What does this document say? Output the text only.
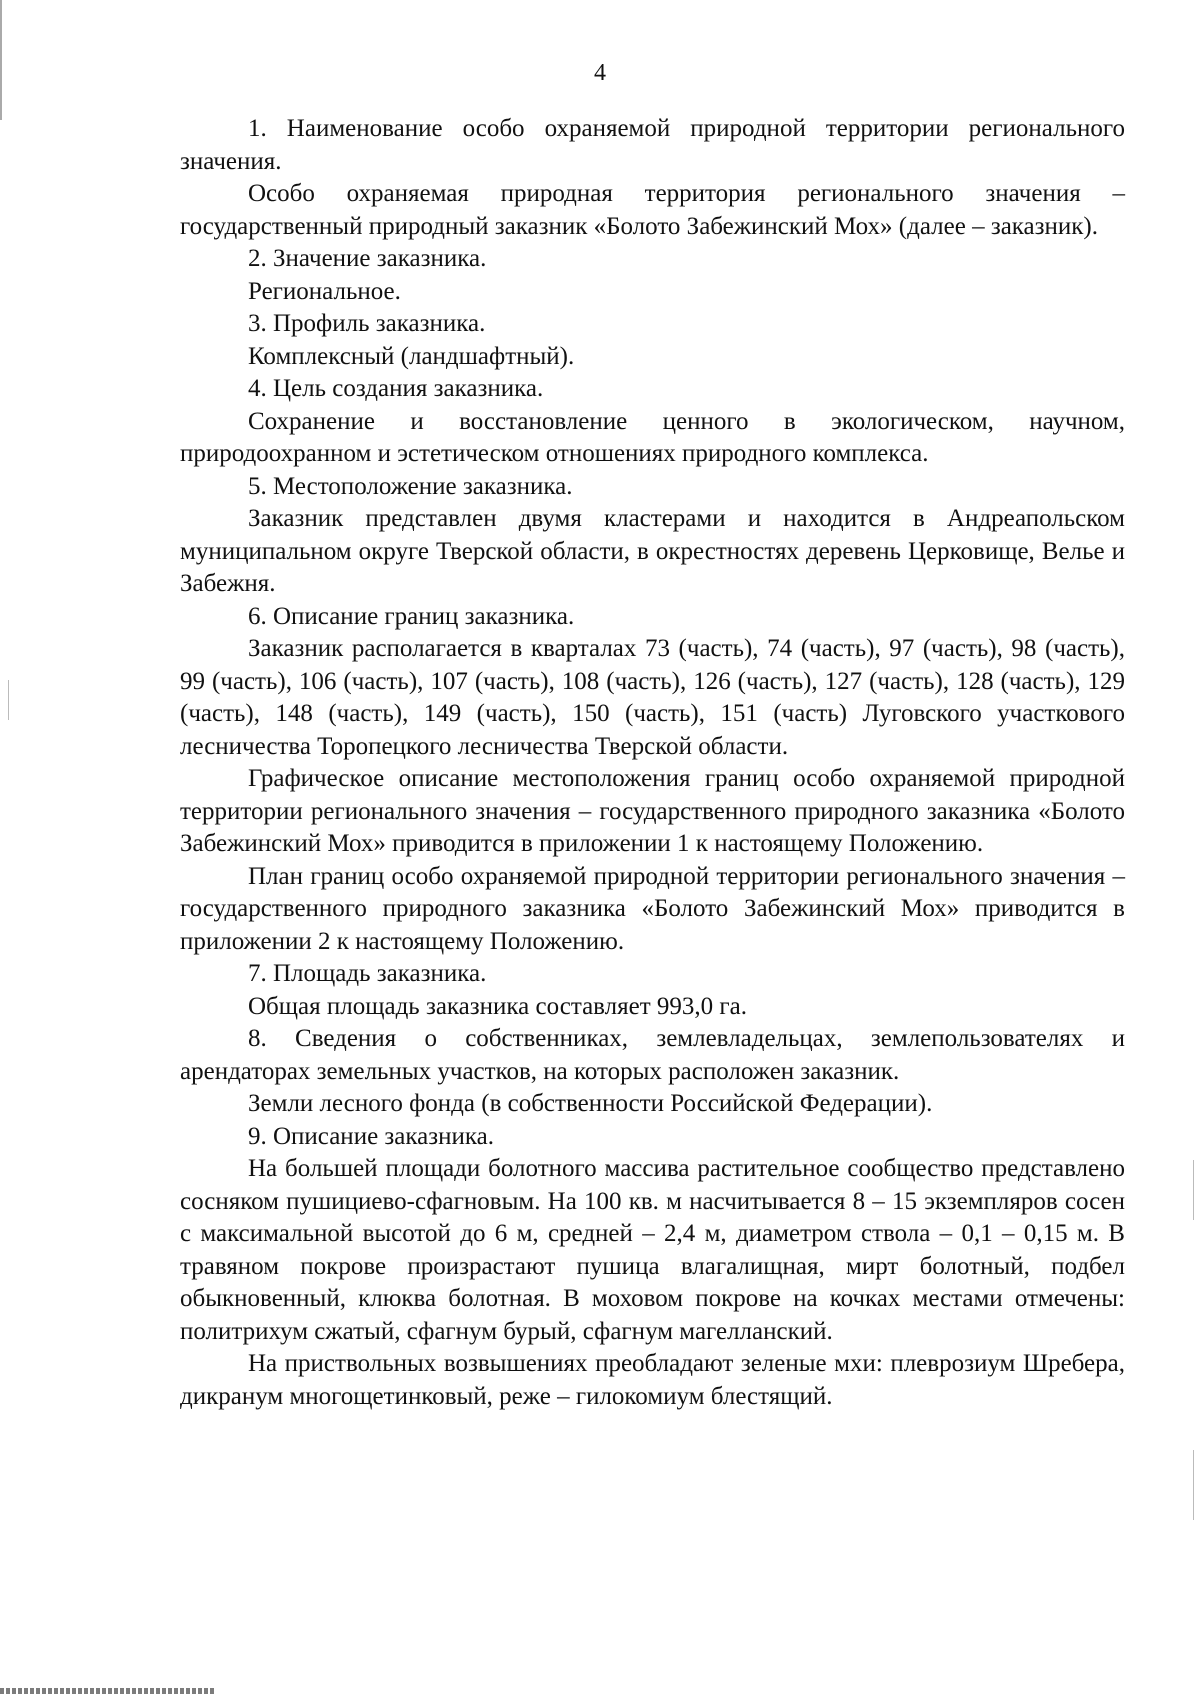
4

1. Наименование особо охраняемой природной территории регионального значения.

Особо охраняемая природная территория регионального значения – государственный природный заказник «Болото Забежинский Мох» (далее – заказник).

2. Значение заказника.

Региональное.

3. Профиль заказника.

Комплексный (ландшафтный).

4. Цель создания заказника.

Сохранение и восстановление ценного в экологическом, научном, природоохранном и эстетическом отношениях природного комплекса.

5. Местоположение заказника.

Заказник представлен двумя кластерами и находится в Андреапольском муниципальном округе Тверской области, в окрестностях деревень Церковище, Велье и Забежня.

6. Описание границ заказника.

Заказник располагается в кварталах 73 (часть), 74 (часть), 97 (часть), 98 (часть), 99 (часть), 106 (часть), 107 (часть), 108 (часть), 126 (часть), 127 (часть), 128 (часть), 129 (часть), 148 (часть), 149 (часть), 150 (часть), 151 (часть) Луговского участкового лесничества Торопецкого лесничества Тверской области.

Графическое описание местоположения границ особо охраняемой природной территории регионального значения – государственного природного заказника «Болото Забежинский Мох» приводится в приложении 1 к настоящему Положению.

План границ особо охраняемой природной территории регионального значения – государственного природного заказника «Болото Забежинский Мох» приводится в приложении 2 к настоящему Положению.

7. Площадь заказника.

Общая площадь заказника составляет 993,0 га.

8. Сведения о собственниках, землевладельцах, землепользователях и арендаторах земельных участков, на которых расположен заказник.

Земли лесного фонда (в собственности Российской Федерации).

9. Описание заказника.

На большей площади болотного массива растительное сообщество представлено сосняком пушициево-сфагновым. На 100 кв. м насчитывается 8 – 15 экземпляров сосен с максимальной высотой до 6 м, средней – 2,4 м, диаметром ствола – 0,1 – 0,15 м. В травяном покрове произрастают пушица влагалищная, мирт болотный, подбел обыкновенный, клюква болотная. В моховом покрове на кочках местами отмечены: политрихум сжатый, сфагнум бурый, сфагнум магелланский.

На приствольных возвышениях преобладают зеленые мхи: плеврозиум Шребера, дикранум многощетинковый, реже – гилокомиум блестящий.
